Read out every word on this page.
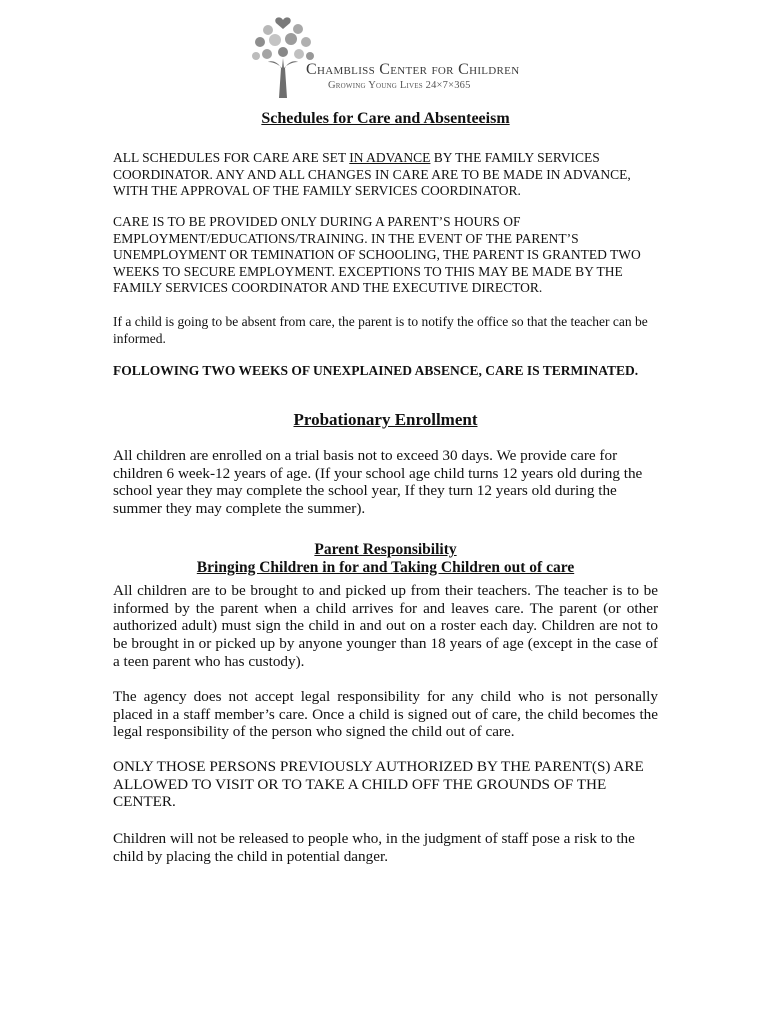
Chambliss Center for Children
Growing Young Lives 24×7×365
Schedules for Care and Absenteeism

ALL SCHEDULES FOR CARE ARE SET IN ADVANCE BY THE FAMILY SERVICES COORDINATOR. ANY AND ALL CHANGES IN CARE ARE TO BE MADE IN ADVANCE, WITH THE APPROVAL OF THE FAMILY SERVICES COORDINATOR.

CARE IS TO BE PROVIDED ONLY DURING A PARENT’S HOURS OF EMPLOYMENT/EDUCATIONS/TRAINING. IN THE EVENT OF THE PARENT’S UNEMPLOYMENT OR TEMINATION OF SCHOOLING, THE PARENT IS GRANTED TWO WEEKS TO SECURE EMPLOYMENT. EXCEPTIONS TO THIS MAY BE MADE BY THE FAMILY SERVICES COORDINATOR AND THE EXECUTIVE DIRECTOR.

If a child is going to be absent from care, the parent is to notify the office so that the teacher can be informed.

FOLLOWING TWO WEEKS OF UNEXPLAINED ABSENCE, CARE IS TERMINATED.

Probationary Enrollment

All children are enrolled on a trial basis not to exceed 30 days. We provide care for children 6 week-12 years of age. (If your school age child turns 12 years old during the school year they may complete the school year, If they turn 12 years old during the summer they may complete the summer).

Parent Responsibility
Bringing Children in for and Taking Children out of care

All children are to be brought to and picked up from their teachers. The teacher is to be informed by the parent when a child arrives for and leaves care. The parent (or other authorized adult) must sign the child in and out on a roster each day. Children are not to be brought in or picked up by anyone younger than 18 years of age (except in the case of a teen parent who has custody).

The agency does not accept legal responsibility for any child who is not personally placed in a staff member’s care. Once a child is signed out of care, the child becomes the legal responsibility of the person who signed the child out of care.

ONLY THOSE PERSONS PREVIOUSLY AUTHORIZED BY THE PARENT(S) ARE ALLOWED TO VISIT OR TO TAKE A CHILD OFF THE GROUNDS OF THE CENTER.

Children will not be released to people who, in the judgment of staff pose a risk to the child by placing the child in potential danger.
